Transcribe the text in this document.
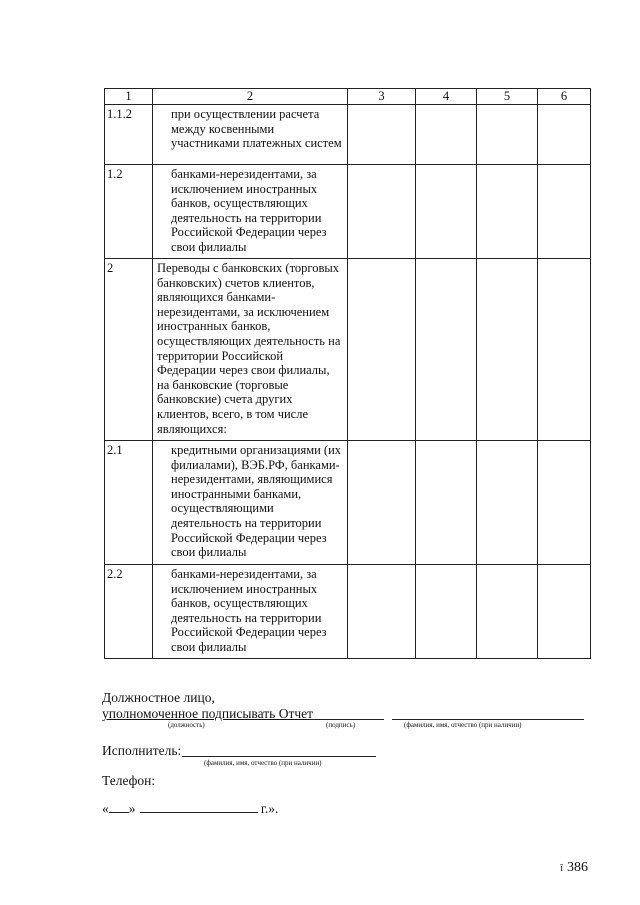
1	2	3	4	5	6
1.1.2	при осуществлении расчета между косвенными участниками платежных систем				
1.2	банками-нерезидентами, за исключением иностранных банков, осуществляющих деятельность на территории Российской Федерации через свои филиалы				
2	Переводы с банковских (торговых банковских) счетов клиентов, являющихся банками-нерезидентами, за исключением иностранных банков, осуществляющих деятельность на территории Российской Федерации через свои филиалы, на банковские (торговые банковские) счета других клиентов, всего, в том числе являющихся:				
2.1	кредитными организациями (их филиалами), ВЭБ.РФ, банками-нерезидентами, являющимися иностранными банками, осуществляющими деятельность на территории Российской Федерации через свои филиалы				
2.2	банками-нерезидентами, за исключением иностранных банков, осуществляющих деятельность на территории Российской Федерации через свои филиалы				
Должностное лицо,
уполномоченное подписывать Отчет
(должность)	(подпись)	(фамилия, имя, отчество (при наличии)
Исполнитель:
(фамилия, имя, отчество (при наличии)
Телефон:
« »	г.».
ī 386
